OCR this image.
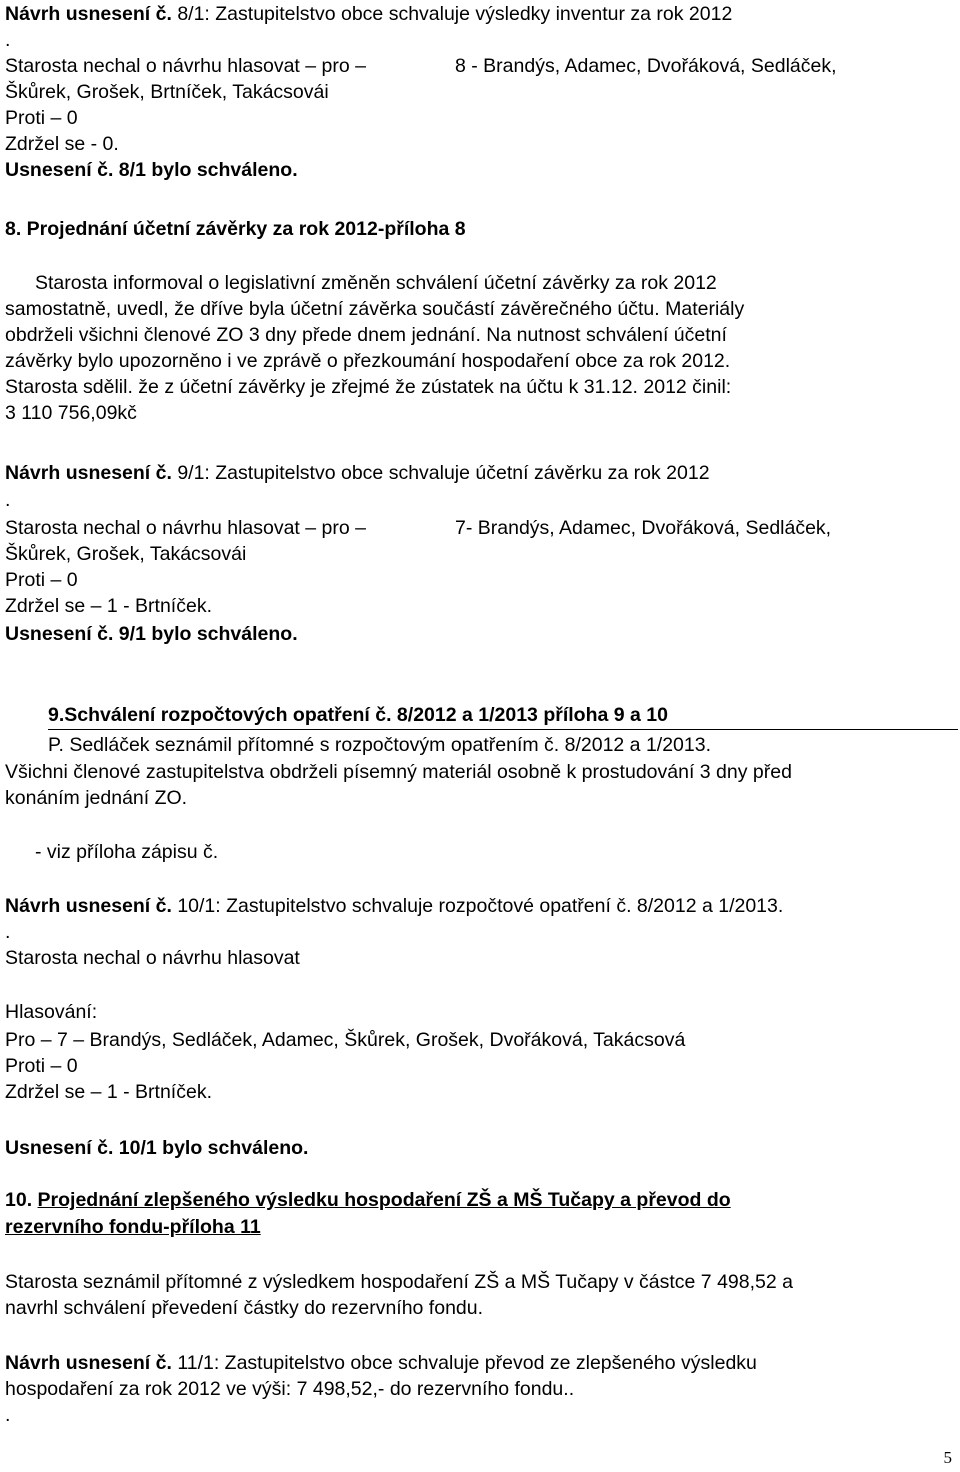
Návrh usnesení č. 8/1: Zastupitelstvo obce schvaluje výsledky inventur za rok 2012
.
Starosta nechal o návrhu hlasovat – pro –	8 - Brandýs, Adamec, Dvořáková, Sedláček,
Škůrek, Grošek, Brtníček, Takácsovái
Proti – 0
Zdržel se - 0.
Usnesení č. 8/1 bylo schváleno.
8. Projednání účetní závěrky za rok 2012-příloha 8
Starosta informoval o legislativní změněn schválení účetní závěrky za rok 2012
samostatně, uvedl, že dříve byla účetní závěrka součástí závěrečného účtu. Materiály
obdrželi všichni členové ZO 3 dny přede dnem jednání. Na nutnost schválení účetní
závěrky bylo upozorněno i ve zprávě o přezkoumání hospodaření obce za rok 2012.
Starosta sdělil. že z účetní závěrky je zřejmé že zústatek na účtu k 31.12. 2012 činil:
3 110 756,09kč
Návrh usnesení č. 9/1: Zastupitelstvo obce schvaluje účetní závěrku za rok 2012
.
Starosta nechal o návrhu hlasovat – pro –	7- Brandýs, Adamec, Dvořáková, Sedláček,
Škůrek, Grošek, Takácsovái
Proti – 0
Zdržel se – 1 - Brtníček.
Usnesení č. 9/1 bylo schváleno.
9.Schválení rozpočtových opatření č. 8/2012 a 1/2013 příloha 9 a 10
P. Sedláček seznámil přítomné s rozpočtovým opatřením č. 8/2012 a 1/2013.
Všichni členové zastupitelstva obdrželi písemný materiál osobně k prostudování 3 dny před
konáním jednání ZO.
- viz příloha zápisu č.
Návrh usnesení č. 10/1: Zastupitelstvo schvaluje rozpočtové opatření č. 8/2012 a 1/2013.
.
Starosta nechal o návrhu hlasovat
Hlasování:
Pro – 7 – Brandýs, Sedláček, Adamec, Škůrek, Grošek, Dvořáková, Takácsová
Proti – 0
Zdržel se – 1 - Brtníček.
Usnesení č. 10/1 bylo schváleno.
10. Projednání zlepšeného výsledku hospodaření ZŠ a MŠ Tučapy a převod do
rezervního fondu-příloha 11
Starosta seznámil přítomné z výsledkem hospodaření ZŠ a MŠ Tučapy v částce 7 498,52 a
navrhl schválení převedení částky do rezervního fondu.
Návrh usnesení č. 11/1: Zastupitelstvo obce schvaluje převod ze zlepšeného výsledku
hospodaření za rok 2012 ve výši: 7 498,52,- do rezervního fondu..
.
5
